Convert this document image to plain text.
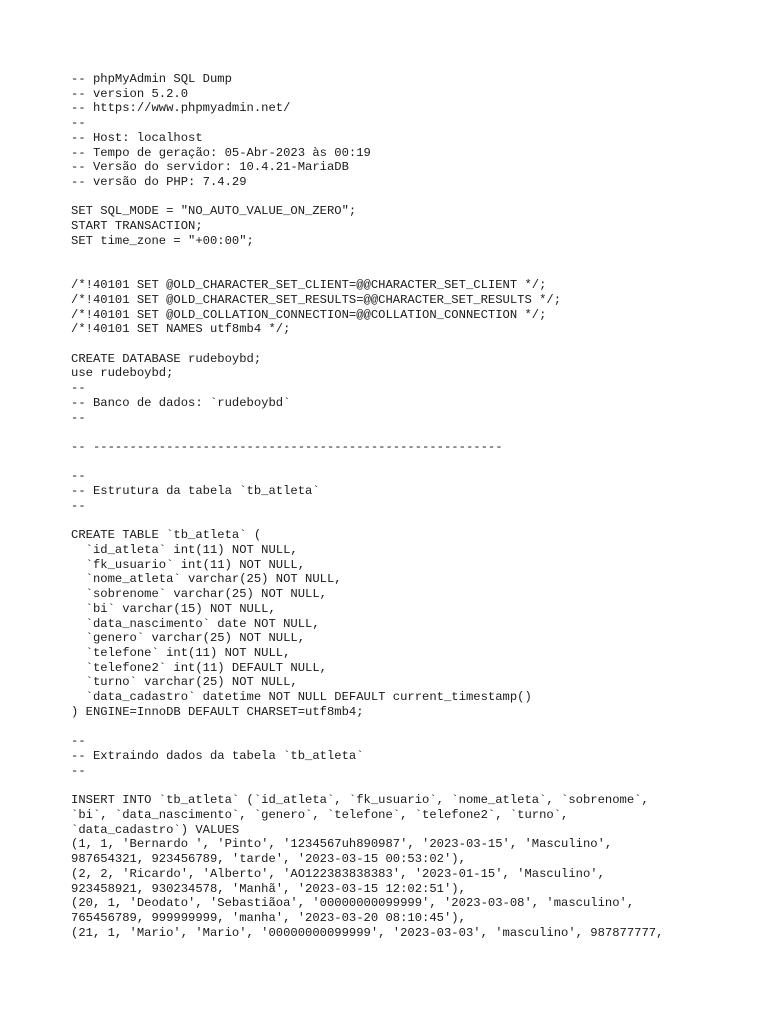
-- phpMyAdmin SQL Dump
-- version 5.2.0
-- https://www.phpmyadmin.net/
--
-- Host: localhost
-- Tempo de geração: 05-Abr-2023 às 00:19
-- Versão do servidor: 10.4.21-MariaDB
-- versão do PHP: 7.4.29
SET SQL_MODE = "NO_AUTO_VALUE_ON_ZERO";
START TRANSACTION;
SET time_zone = "+00:00";
/*!40101 SET @OLD_CHARACTER_SET_CLIENT=@@CHARACTER_SET_CLIENT */;
/*!40101 SET @OLD_CHARACTER_SET_RESULTS=@@CHARACTER_SET_RESULTS */;
/*!40101 SET @OLD_COLLATION_CONNECTION=@@COLLATION_CONNECTION */;
/*!40101 SET NAMES utf8mb4 */;
CREATE DATABASE rudeboybd;
use rudeboybd;
--
-- Banco de dados: `rudeboybd`
--
-- --------------------------------------------------------
--
-- Estrutura da tabela `tb_atleta`
--
CREATE TABLE `tb_atleta` (
`id_atleta` int(11) NOT NULL,
`fk_usuario` int(11) NOT NULL,
`nome_atleta` varchar(25) NOT NULL,
`sobrenome` varchar(25) NOT NULL,
`bi` varchar(15) NOT NULL,
`data_nascimento` date NOT NULL,
`genero` varchar(25) NOT NULL,
`telefone` int(11) NOT NULL,
`telefone2` int(11) DEFAULT NULL,
`turno` varchar(25) NOT NULL,
`data_cadastro` datetime NOT NULL DEFAULT current_timestamp()
) ENGINE=InnoDB DEFAULT CHARSET=utf8mb4;
--
-- Extraindo dados da tabela `tb_atleta`
--
INSERT INTO `tb_atleta` (`id_atleta`, `fk_usuario`, `nome_atleta`, `sobrenome`,
`bi`, `data_nascimento`, `genero`, `telefone`, `telefone2`, `turno`,
`data_cadastro`) VALUES
(1, 1, 'Bernardo ', 'Pinto', '1234567uh890987', '2023-03-15', 'Masculino',
987654321, 923456789, 'tarde', '2023-03-15 00:53:02'),
(2, 2, 'Ricardo', 'Alberto', 'AO122383838383', '2023-01-15', 'Masculino',
923458921, 930234578, 'Manhã', '2023-03-15 12:02:51'),
(20, 1, 'Deodato', 'Sebastiãoa', '00000000099999', '2023-03-08', 'masculino',
765456789, 999999999, 'manha', '2023-03-20 08:10:45'),
(21, 1, 'Mario', 'Mario', '00000000099999', '2023-03-03', 'masculino', 987877777,
